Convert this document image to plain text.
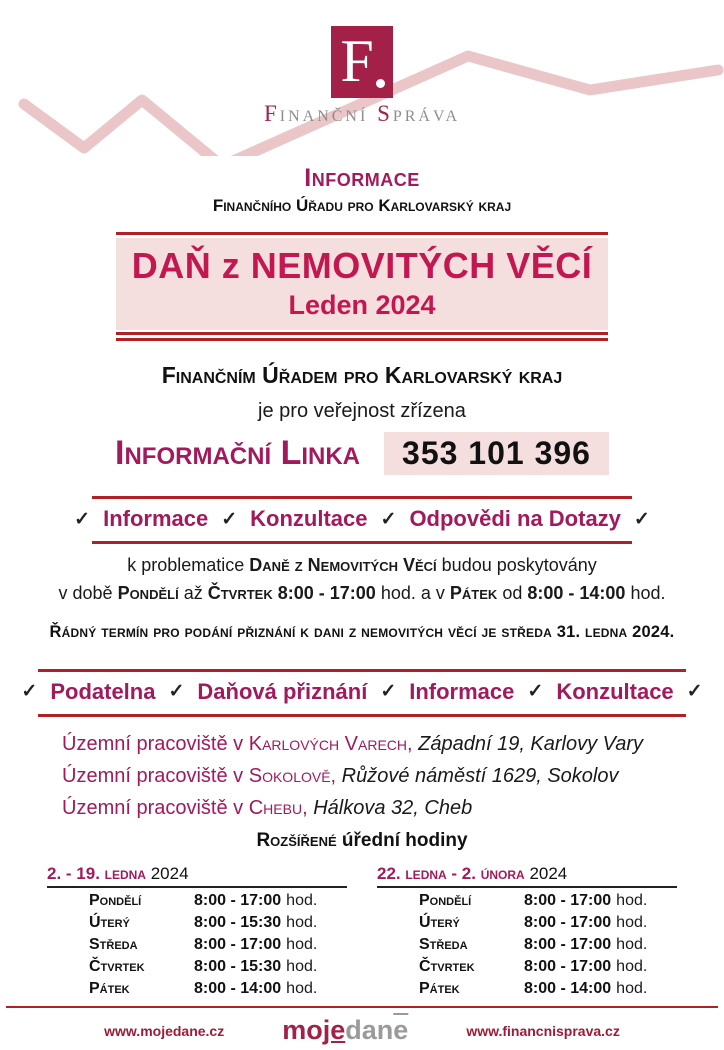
F
Finanční Správa
Informace
Finančního Úřadu pro Karlovarský kraj
DAŇ z NEMOVITÝCH VĚCÍ
Leden 2024
Finančním Úřadem pro Karlovarský kraj
je pro veřejnost zřízena
Informační Linka	353 101 396
✓ Informace ✓ Konzultace ✓ Odpovědi na Dotazy ✓
k problematice Daně z Nemovitých Věcí budou poskytovány
v době Pondělí až Čtvrtek 8:00 - 17:00 hod. a v Pátek od 8:00 - 14:00 hod.
Řádný termín pro podání přiznání k dani z nemovitých věcí je středa 31. ledna 2024.
✓ Podatelna ✓ Daňová přiznání ✓ Informace ✓ Konzultace ✓
Územní pracoviště v Karlových Varech, Západní 19, Karlovy Vary
Územní pracoviště v Sokolově, Růžové náměstí 1629, Sokolov
Územní pracoviště v Chebu, Hálkova 32, Cheb
Rozšířené úřední hodiny
2. - 19. ledna 2024
Pondělí	8:00 - 17:00 hod.
Úterý	8:00 - 15:30 hod.
Středa	8:00 - 17:00 hod.
Čtvrtek	8:00 - 15:30 hod.
Pátek	8:00 - 14:00 hod.
22. ledna - 2. února 2024
Pondělí	8:00 - 17:00 hod.
Úterý	8:00 - 17:00 hod.
Středa	8:00 - 17:00 hod.
Čtvrtek	8:00 - 17:00 hod.
Pátek	8:00 - 14:00 hod.
www.mojedane.cz $mojedan\overline{e}$	www.financnisprava.cz
